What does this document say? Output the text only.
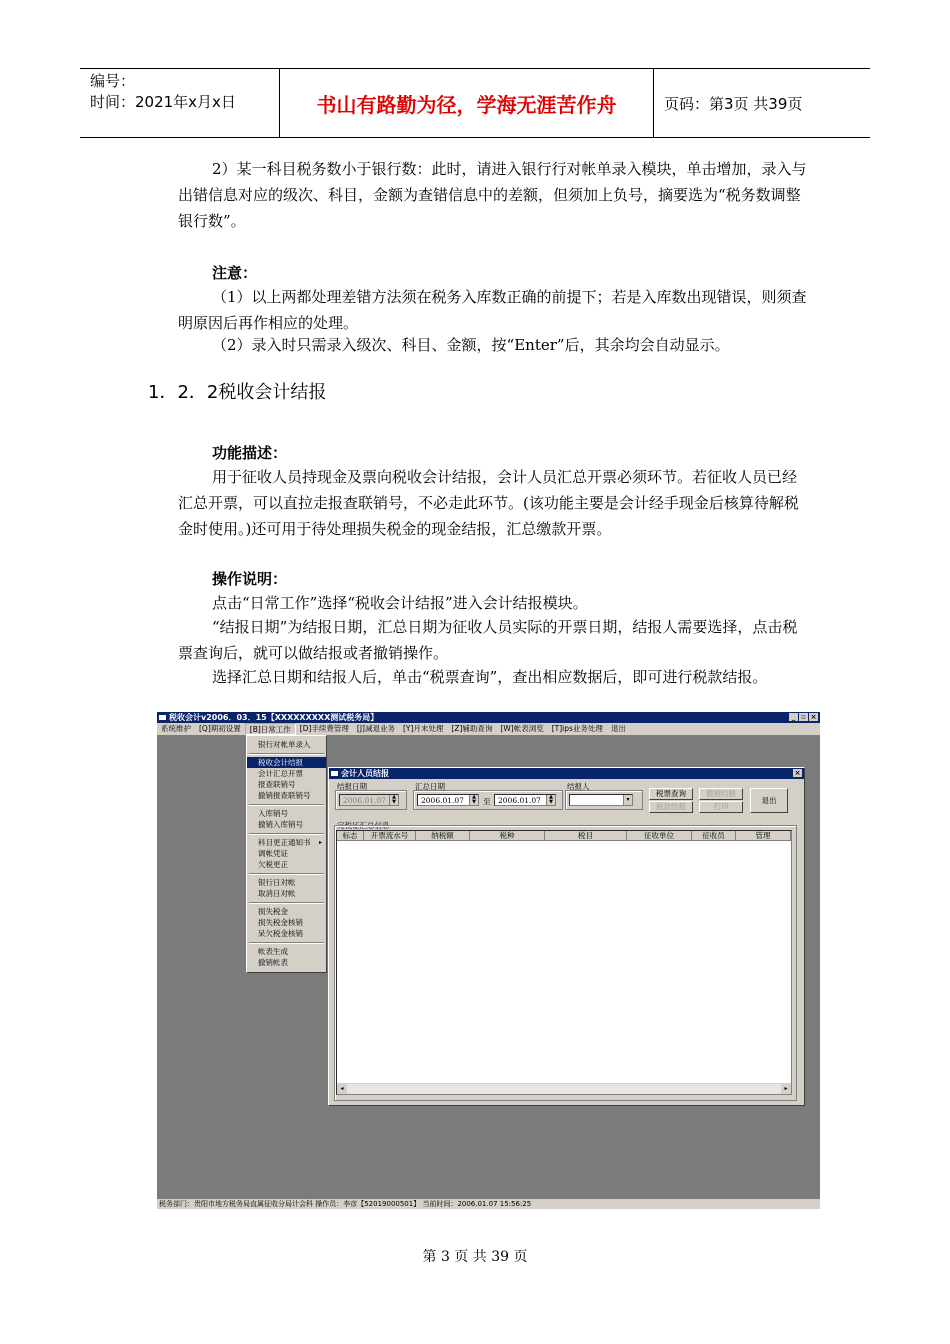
编号：
时间：2021年x月x日	书山有路勤为径，学海无涯苦作舟	页码：第3页 共39页
2）某一科目税务数小于银行数：此时，请进入银行行对帐单录入模块，单击增加，录入与出错信息对应的级次、科目，金额为查错信息中的差额，但须加上负号，摘要选为“税务数调整银行数”。
注意：
（1）以上两都处理差错方法须在税务入库数正确的前提下；若是入库数出现错误，则须查明原因后再作相应的处理。
（2）录入时只需录入级次、科目、金额，按“Enter”后，其余均会自动显示。
1．2．2税收会计结报
功能描述：
用于征收人员持现金及票向税收会计结报，会计人员汇总开票必须环节。若征收人员已经汇总开票，可以直拉走报查联销号，不必走此环节。(该功能主要是会计经手现金后核算待解税金时使用。)还可用于待处理损失税金的现金结报，汇总缴款开票。
操作说明：
点击“日常工作”选择“税收会计结报”进入会计结报模块。
“结报日期”为结报日期，汇总日期为征收人员实际的开票日期，结报人需要选择，点击税票查询后，就可以做结报或者撤销操作。
选择汇总日期和结报人后，单击“税票查询”，查出相应数据后，即可进行税款结报。
税收会计v2006．03．15【XXXXXXXXX测试税务局】	_ ▫ ×
系统维护	[Q]期初设置	[B]日常工作	[D]手续费管理	[J]减退业务	[Y]月末处理	[Z]辅助查询	[W]帐表浏览	[T]ips业务处理	退出
银行对帐单录入
税收会计结报
会计汇总开票
报查联销号
撤销报查联销号
入库销号
撤销入库销号
科目更正通知书	▸
调帐凭证
欠税更正
银行日对帐
取消日对帐
损失税金
损失税金核销
呆欠税金核销
帐表生成
撤销帐表
会计人员结报	×
结报日期
2006.01.07	▲
▼
汇总日期
2006.01.07	▲
▼ 至	2006.01.07	▲
▼
结报人
▾
税票查询
税款结报
撤销结报
打印
退出
完税证汇总信息
标志	开票流水号	纳税额	税种	税目	征收单位	征收员	管理
◂	▸
税务部门：贵阳市地方税务局直属征收分局计会科 操作员：李彦【52019000501】 当前时间：2006.01.07 15:56:25
第 3 页 共 39 页
